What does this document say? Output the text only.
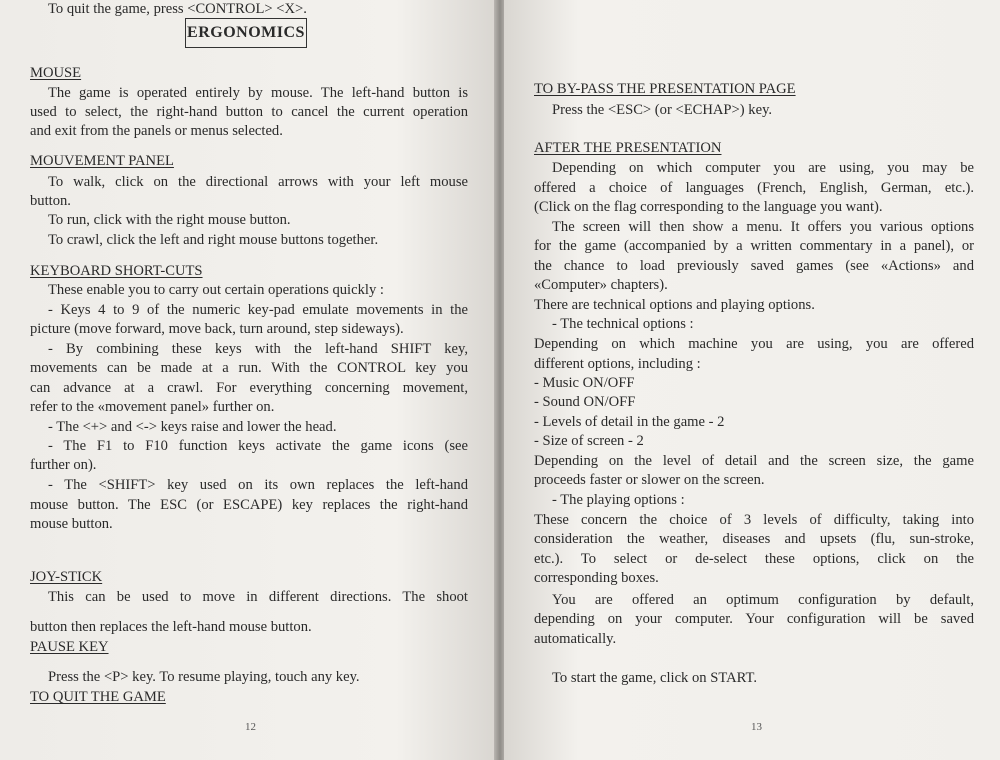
ERGONOMICS
MOUSE
The game is operated entirely by mouse. The left-hand button is
used to select, the right-hand button to cancel the current operation
and exit from the panels or menus selected.
MOUVEMENT PANEL
To walk, click on the directional arrows with your left mouse
button.
To run, click with the right mouse button.
To crawl, click the left and right mouse buttons together.
KEYBOARD SHORT-CUTS
These enable you to carry out certain operations quickly :
- Keys 4 to 9 of the numeric key-pad emulate movements in the
picture (move forward, move back, turn around, step sideways).
- By combining these keys with the left-hand SHIFT key,
movements can be made at a run. With the CONTROL key you
can advance at a crawl. For everything concerning movement,
refer to the «movement panel» further on.
- The <+> and <-> keys raise and lower the head.
- The F1 to F10 function keys activate the game icons (see
further on).
- The <SHIFT> key used on its own replaces the left-hand
mouse button. The ESC (or ESCAPE) key replaces the right-hand
mouse button.
JOY-STICK
This can be used to move in different directions. The shoot
button then replaces the left-hand mouse button.
PAUSE KEY
Press the <P> key. To resume playing, touch any key.
TO QUIT THE GAME
To quit the game, press <CONTROL> <X>.
12
TO BY-PASS THE PRESENTATION PAGE
Press the <ESC> (or <ECHAP>) key.
AFTER THE PRESENTATION
Depending on which computer you are using, you may be
offered a choice of languages (French, English, German, etc.).
(Click on the flag corresponding to the language you want).
The screen will then show a menu. It offers you various options
for the game (accompanied by a written commentary in a panel), or
the chance to load previously saved games (see «Actions» and
«Computer» chapters).
There are technical options and playing options.
- The technical options :
Depending on which machine you are using, you are offered
different options, including :
- Music ON/OFF
- Sound ON/OFF
- Levels of detail in the game - 2
- Size of screen - 2
Depending on the level of detail and the screen size, the game
proceeds faster or slower on the screen.
- The playing options :
These concern the choice of 3 levels of difficulty, taking into
consideration the weather, diseases and upsets (flu, sun-stroke,
etc.). To select or de-select these options, click on the
corresponding boxes.
You are offered an optimum configuration by default,
depending on your computer. Your configuration will be saved
automatically.
To start the game, click on START.
13
